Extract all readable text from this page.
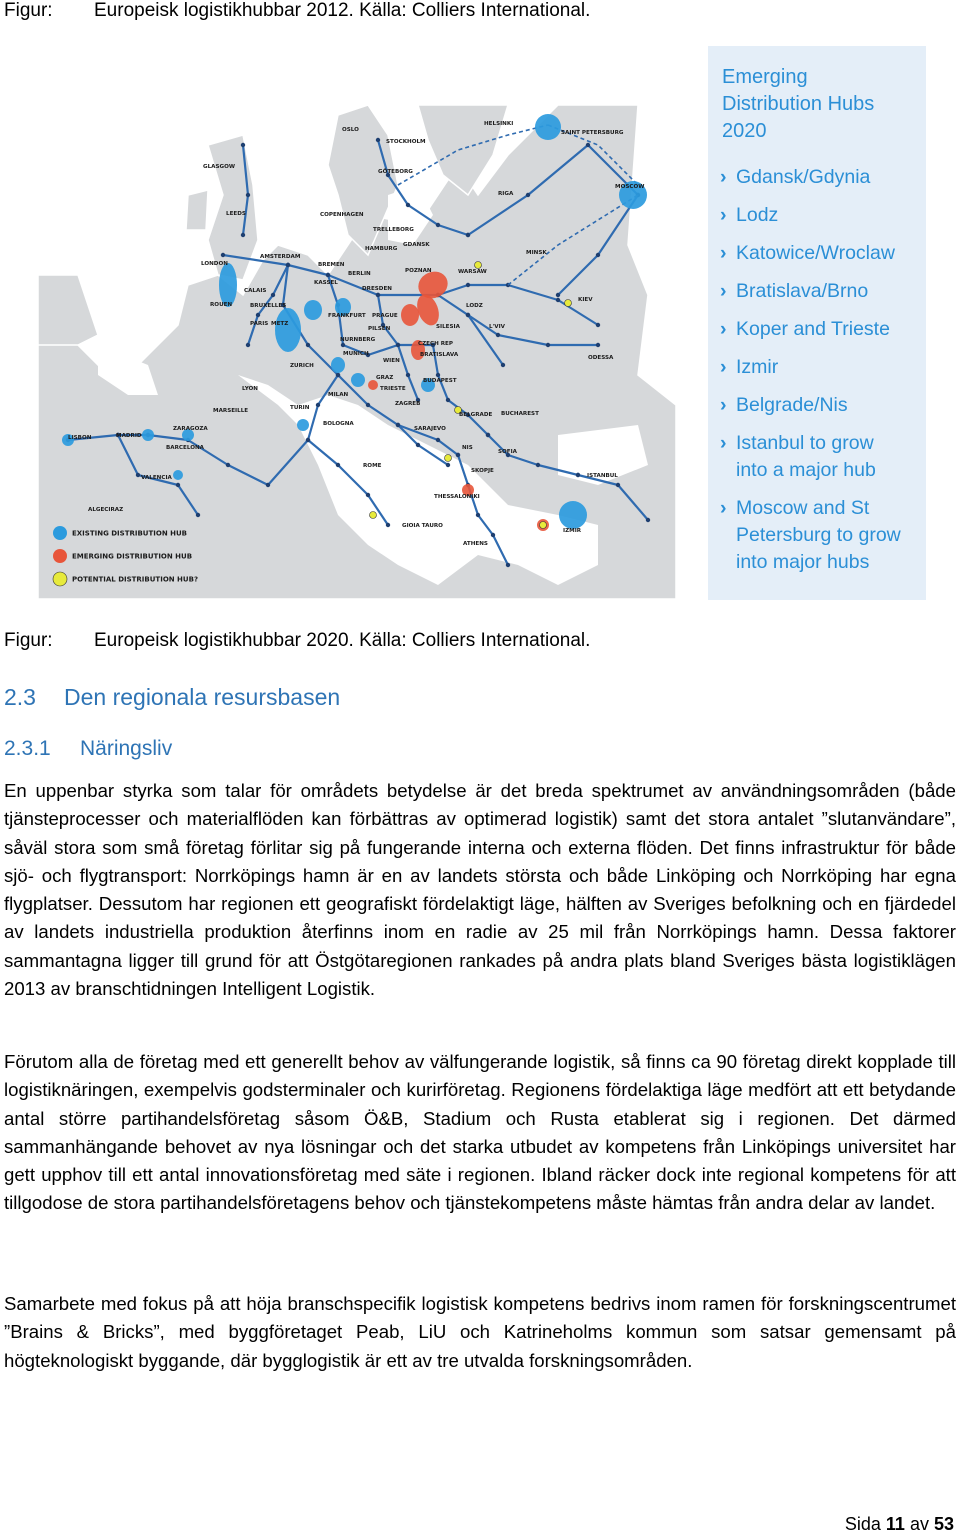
Figur: Europeisk logistikhubbar 2012. Källa: Colliers International.
OSLO
HELSINKI
SAINT PETERSBURG
STOCKHOLM
GÖTEBORG
GLASGOW
RIGA
MOSCOW
LEEDS	COPENHAGEN
TRELLEBORG
LONDON
AMSTERDAM
HAMBURG
GDANSK
BREMEN
BERLIN
MINSK
POZNAN	WARSAW
CALAIS
KASSEL
DRESDEN
ROUEN	BRUXELLES
PRAGUE
LODZ
KIEV
PARIS METZ
FRANKFURT
PILSEN	SILESIA	L'VIV
NURNBERG
CZECH REP
MUNICH	BRATISLAVA
WIEN	ODESSA
ZURICH
GRAZ	BUDAPEST
LYON
MILAN
TRIESTE
ZAGREB
TURIN
MARSEILLE
BELGRADE BUCHAREST
BOLOGNA
SARAJEVO
ZARAGOZA
MADRID
BARCELONA
LISBON
NIS
SOFIA
ROME
ISTANBUL
VALENCIA
SKOPJE
ALGECIRAZ
THESSALONIKI
GIOIA TAURO
IZMIR
ATHENS
EXISTING DISTRIBUTION HUB
EMERGING DISTRIBUTION HUB
POTENTIAL DISTRIBUTION HUB?
Emerging
Distribution Hubs
2020
› Gdansk/Gdynia
› Lodz
› Katowice/Wroclaw
› Bratislava/Brno
› Koper and Trieste
› Izmir
› Belgrade/Nis
› Istanbul to grow
into a major hub
› Moscow and St
Petersburg to grow
into major hubs
Figur: Europeisk logistikhubbar 2020. Källa: Colliers International.
2.3 Den regionala resursbasen
2.3.1 Näringsliv

En uppenbar styrka som talar för områdets betydelse är det breda spektrumet av användningsområden (både tjänsteprocesser och materialflöden kan förbättras av optimerad logistik) samt det stora antalet ”slutanvändare”, såväl stora som små företag förlitar sig på fungerande interna och externa flöden. Det finns infrastruktur för både sjö- och flygtransport: Norrköpings hamn är en av landets största och både Linköping och Norrköping har egna flygplatser. Dessutom har regionen ett geografiskt fördelaktigt läge, hälften av Sveriges befolkning och en fjärdedel av landets industriella produktion återfinns inom en radie av 25 mil från Norrköpings hamn. Dessa faktorer sammantagna ligger till grund för att Östgötaregionen rankades på andra plats bland Sveriges bästa logistiklägen 2013 av branschtidningen Intelligent Logistik.

Förutom alla de företag med ett generellt behov av välfungerande logistik, så finns ca 90 företag direkt kopplade till logistiknäringen, exempelvis godsterminaler och kurirföretag. Regionens fördelaktiga läge medfört att ett betydande antal större partihandelsföretag såsom Ö&B, Stadium och Rusta etablerat sig i regionen. Det därmed sammanhängande behovet av nya lösningar och det starka utbudet av kompetens från Linköpings universitet har gett upphov till ett antal innovationsföretag med säte i regionen. Ibland räcker dock inte regional kompetens för att tillgodose de stora partihandelsföretagens behov och tjänstekompetens måste hämtas från andra delar av landet.

Samarbete med fokus på att höja branschspecifik logistisk kompetens bedrivs inom ramen för forskningscentrumet ”Brains & Bricks”, med byggföretaget Peab, LiU och Katrineholms kommun som satsar gemensamt på högteknologiskt byggande, där bygglogistik är ett av tre utvalda forskningsområden.

Sida 11 av 53
